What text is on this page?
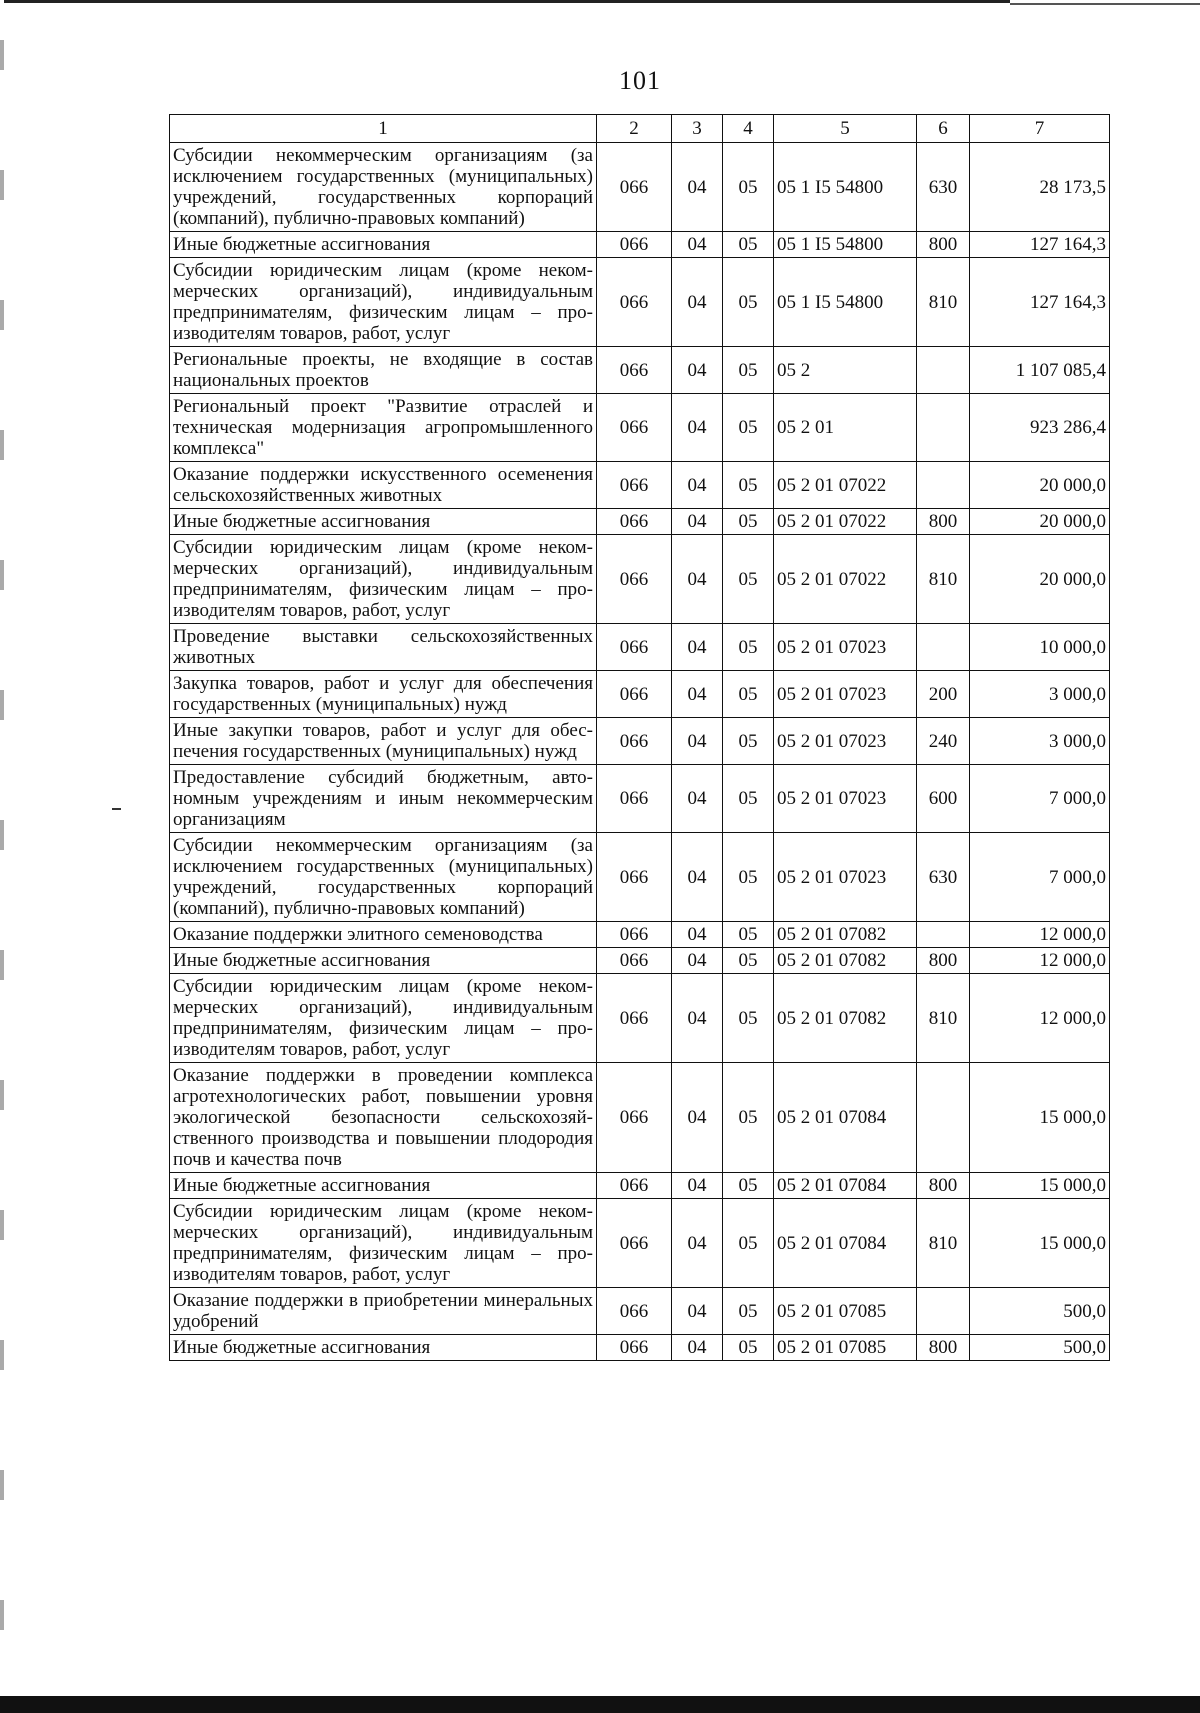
101
1	2	3	4	5	6	7
Субсидии некоммерческим организациям (за исключением государственных (муниципальных) учреждений, государственных корпораций (компаний), публично-правовых компаний)	066	04	05	05 1 I5 54800	630	28 173,5
Иные бюджетные ассигнования	066	04	05	05 1 I5 54800	800	127 164,3
Субсидии юридическим лицам (кроме некоммерческих организаций), индивидуальным предпринимателям, физическим лицам – производителям товаров, работ, услуг	066	04	05	05 1 I5 54800	810	127 164,3
Региональные проекты, не входящие в состав национальных проектов	066	04	05	05 2		1 107 085,4
Региональный проект "Развитие отраслей и техническая модернизация агропромышленного комплекса"	066	04	05	05 2 01		923 286,4
Оказание поддержки искусственного осеменения сельскохозяйственных животных	066	04	05	05 2 01 07022		20 000,0
Иные бюджетные ассигнования	066	04	05	05 2 01 07022	800	20 000,0
Субсидии юридическим лицам (кроме некоммерческих организаций), индивидуальным предпринимателям, физическим лицам – производителям товаров, работ, услуг	066	04	05	05 2 01 07022	810	20 000,0
Проведение выставки сельскохозяйственных животных	066	04	05	05 2 01 07023		10 000,0
Закупка товаров, работ и услуг для обеспечения государственных (муниципальных) нужд	066	04	05	05 2 01 07023	200	3 000,0
Иные закупки товаров, работ и услуг для обеспечения государственных (муниципальных) нужд	066	04	05	05 2 01 07023	240	3 000,0
Предоставление субсидий бюджетным, автономным учреждениям и иным некоммерческим организациям	066	04	05	05 2 01 07023	600	7 000,0
Субсидии некоммерческим организациям (за исключением государственных (муниципальных) учреждений, государственных корпораций (компаний), публично-правовых компаний)	066	04	05	05 2 01 07023	630	7 000,0
Оказание поддержки элитного семеноводства	066	04	05	05 2 01 07082		12 000,0
Иные бюджетные ассигнования	066	04	05	05 2 01 07082	800	12 000,0
Субсидии юридическим лицам (кроме некоммерческих организаций), индивидуальным предпринимателям, физическим лицам – производителям товаров, работ, услуг	066	04	05	05 2 01 07082	810	12 000,0
Оказание поддержки в проведении комплекса агротехнологических работ, повышении уровня экологической безопасности сельскохозяйственного производства и повышении плодородия почв и качества почв	066	04	05	05 2 01 07084		15 000,0
Иные бюджетные ассигнования	066	04	05	05 2 01 07084	800	15 000,0
Субсидии юридическим лицам (кроме некоммерческих организаций), индивидуальным предпринимателям, физическим лицам – производителям товаров, работ, услуг	066	04	05	05 2 01 07084	810	15 000,0
Оказание поддержки в приобретении минеральных удобрений	066	04	05	05 2 01 07085		500,0
Иные бюджетные ассигнования	066	04	05	05 2 01 07085	800	500,0
